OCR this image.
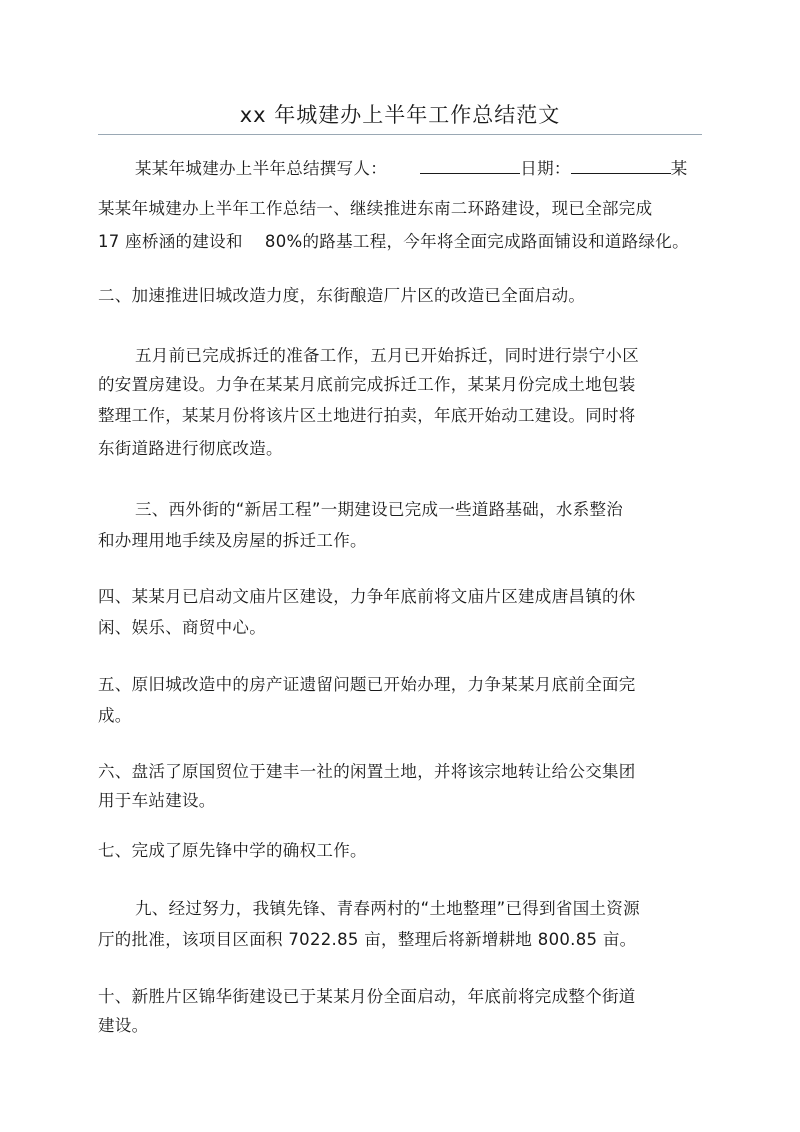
xx 年城建办上半年工作总结范文
某某年城建办上半年总结撰写人：	日期：	某
某某年城建办上半年工作总结一、继续推进东南二环路建设，现已全部完成
17 座桥涵的建设和    80%的路基工程，今年将全面完成路面铺设和道路绿化。
二、加速推进旧城改造力度，东街酿造厂片区的改造已全面启动。
五月前已完成拆迁的准备工作，五月已开始拆迁，同时进行崇宁小区
的安置房建设。力争在某某月底前完成拆迁工作，某某月份完成土地包装
整理工作，某某月份将该片区土地进行拍卖，年底开始动工建设。同时将
东街道路进行彻底改造。
三、西外街的“新居工程”一期建设已完成一些道路基础，水系整治
和办理用地手续及房屋的拆迁工作。
四、某某月已启动文庙片区建设，力争年底前将文庙片区建成唐昌镇的休
闲、娱乐、商贸中心。
五、原旧城改造中的房产证遗留问题已开始办理，力争某某月底前全面完
成。
六、盘活了原国贸位于建丰一社的闲置土地，并将该宗地转让给公交集团
用于车站建设。
七、完成了原先锋中学的确权工作。
九、经过努力，我镇先锋、青春两村的“土地整理”已得到省国土资源
厅的批准，该项目区面积 7022.85 亩，整理后将新增耕地 800.85 亩。
十、新胜片区锦华街建设已于某某月份全面启动，年底前将完成整个街道
建设。
